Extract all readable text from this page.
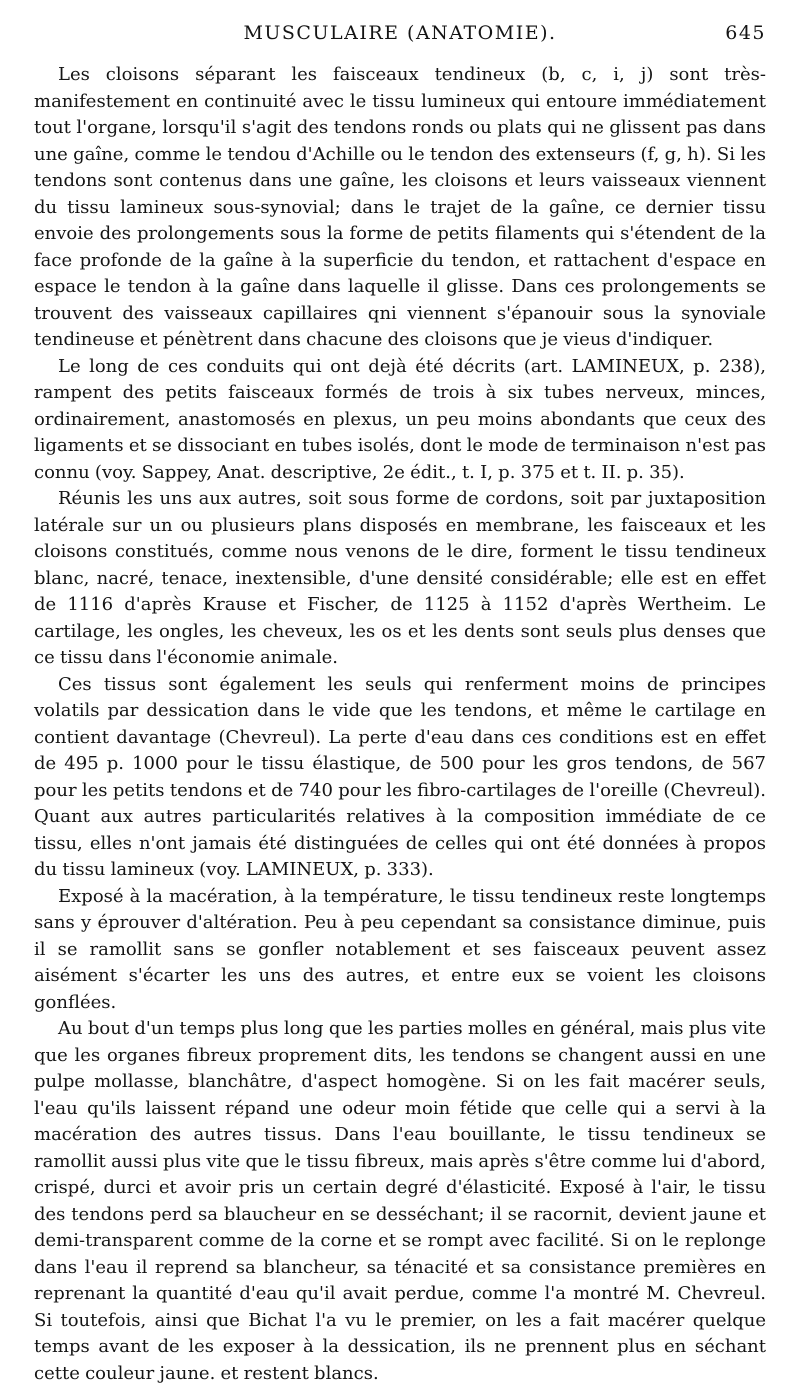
MUSCULAIRE (ANATOMIE).	645

Les cloisons séparant les faisceaux tendineux (b, c, i, j) sont très-manifestement en continuité avec le tissu lumineux qui entoure immédiatement tout l'organe, lorsqu'il s'agit des tendons ronds ou plats qui ne glissent pas dans une gaîne, comme le tendou d'Achille ou le tendon des extenseurs (f, g, h). Si les tendons sont contenus dans une gaîne, les cloisons et leurs vaisseaux viennent du tissu lamineux sous-synovial; dans le trajet de la gaîne, ce dernier tissu envoie des prolongements sous la forme de petits filaments qui s'étendent de la face profonde de la gaîne à la superficie du tendon, et rattachent d'espace en espace le tendon à la gaîne dans laquelle il glisse. Dans ces prolongements se trouvent des vaisseaux capillaires qni viennent s'épanouir sous la synoviale tendineuse et pénètrent dans chacune des cloisons que je vieus d'indiquer.

Le long de ces conduits qui ont dejà été décrits (art. LAMINEUX, p. 238), rampent des petits faisceaux formés de trois à six tubes nerveux, minces, ordinairement, anastomosés en plexus, un peu moins abondants que ceux des ligaments et se dissociant en tubes isolés, dont le mode de terminaison n'est pas connu (voy. Sappey, Anat. descriptive, 2e édit., t. I, p. 375 et t. II. p. 35).

Réunis les uns aux autres, soit sous forme de cordons, soit par juxtaposition latérale sur un ou plusieurs plans disposés en membrane, les faisceaux et les cloisons constitués, comme nous venons de le dire, forment le tissu tendineux blanc, nacré, tenace, inextensible, d'une densité considérable; elle est en effet de 1116 d'après Krause et Fischer, de 1125 à 1152 d'après Wertheim. Le cartilage, les ongles, les cheveux, les os et les dents sont seuls plus denses que ce tissu dans l'économie animale.

Ces tissus sont également les seuls qui renferment moins de principes volatils par dessication dans le vide que les tendons, et même le cartilage en contient davantage (Chevreul). La perte d'eau dans ces conditions est en effet de 495 p. 1000 pour le tissu élastique, de 500 pour les gros tendons, de 567 pour les petits tendons et de 740 pour les fibro-cartilages de l'oreille (Chevreul). Quant aux autres particularités relatives à la composition immédiate de ce tissu, elles n'ont jamais été distinguées de celles qui ont été données à propos du tissu lamineux (voy. LAMINEUX, p. 333).

Exposé à la macération, à la température, le tissu tendineux reste longtemps sans y éprouver d'altération. Peu à peu cependant sa consistance diminue, puis il se ramollit sans se gonfler notablement et ses faisceaux peuvent assez aisément s'écarter les uns des autres, et entre eux se voient les cloisons gonflées.

Au bout d'un temps plus long que les parties molles en général, mais plus vite que les organes fibreux proprement dits, les tendons se changent aussi en une pulpe mollasse, blanchâtre, d'aspect homogène. Si on les fait macérer seuls, l'eau qu'ils laissent répand une odeur moin fétide que celle qui a servi à la macération des autres tissus. Dans l'eau bouillante, le tissu tendineux se ramollit aussi plus vite que le tissu fibreux, mais après s'être comme lui d'abord, crispé, durci et avoir pris un certain degré d'élasticité. Exposé à l'air, le tissu des tendons perd sa blaucheur en se desséchant; il se racornit, devient jaune et demi-transparent comme de la corne et se rompt avec facilité. Si on le replonge dans l'eau il reprend sa blancheur, sa ténacité et sa consistance premières en reprenant la quantité d'eau qu'il avait perdue, comme l'a montré M. Chevreul. Si toutefois, ainsi que Bichat l'a vu le premier, on les a fait macérer quelque temps avant de les exposer à la dessication, ils ne prennent plus en séchant cette couleur jaune. et restent blancs.
